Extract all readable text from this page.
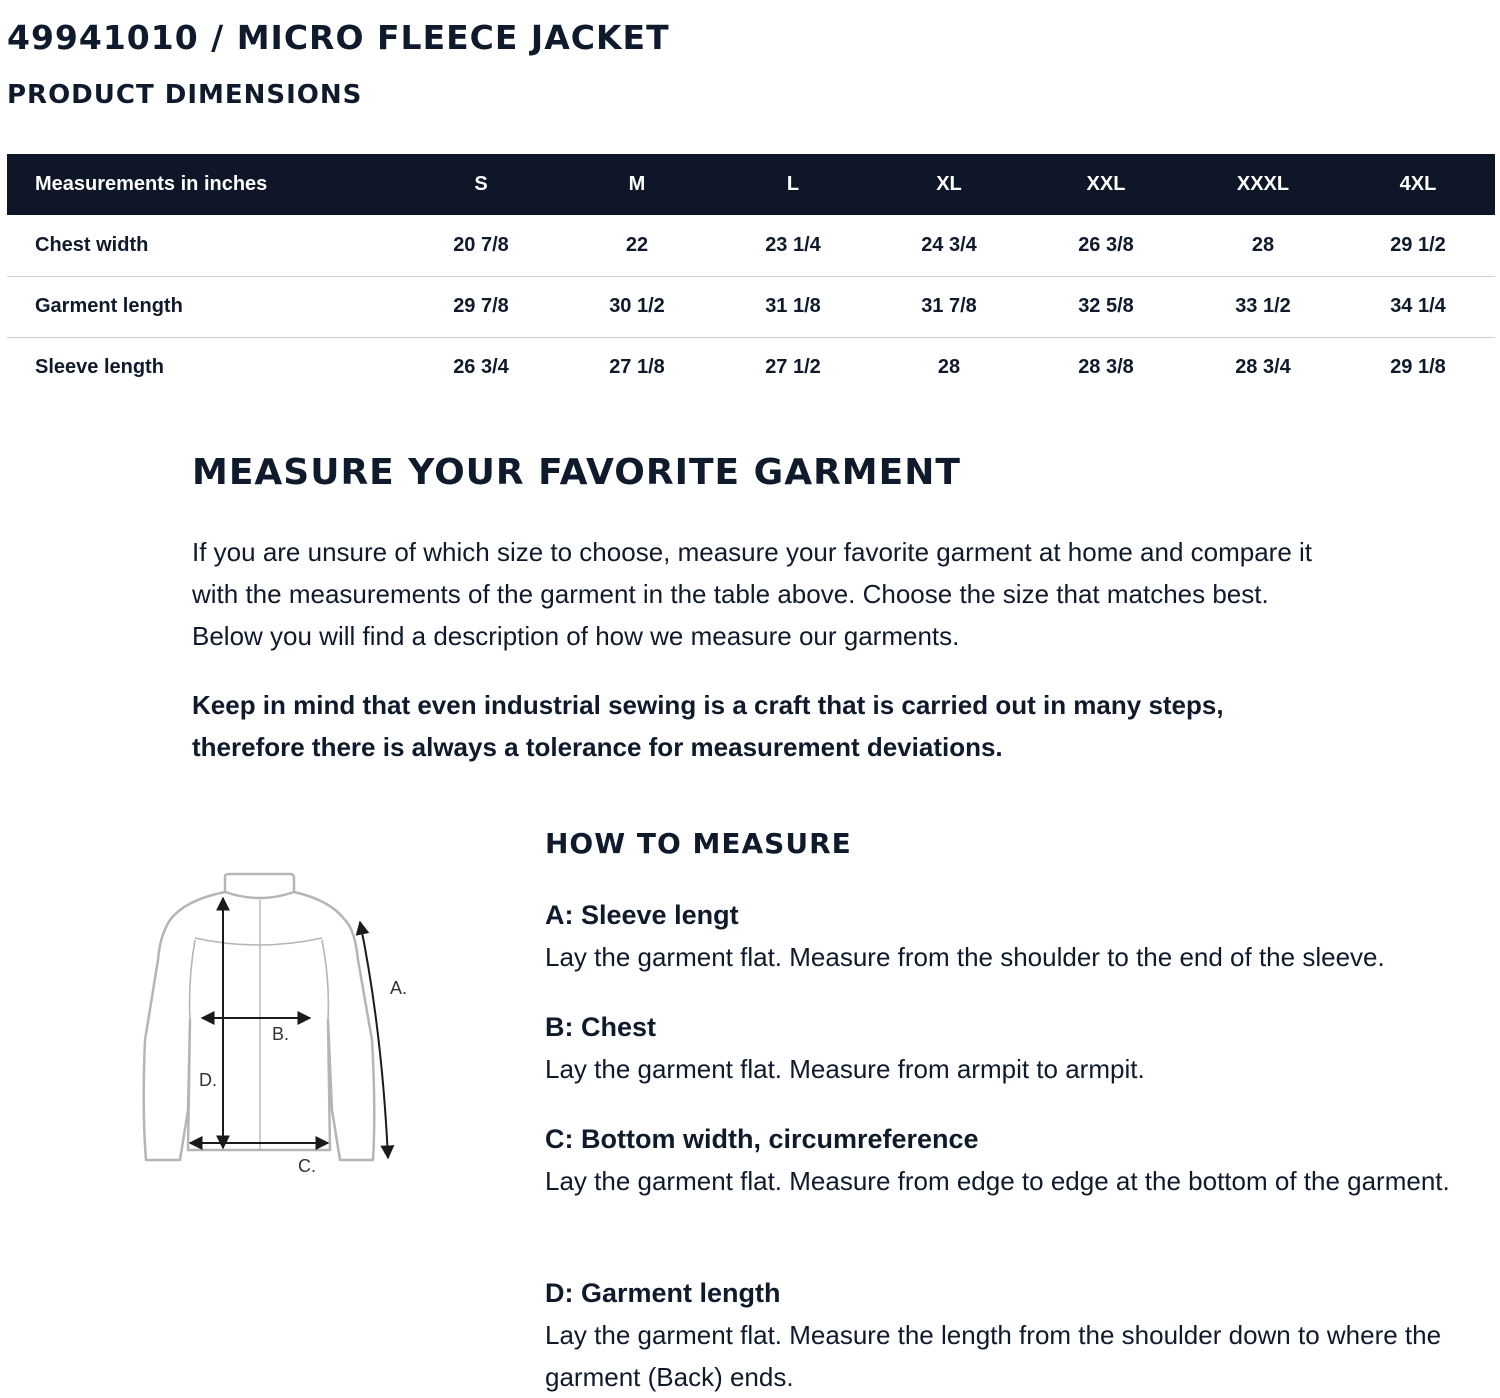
49941010 / MICRO FLEECE JACKET
PRODUCT DIMENSIONS
Measurements in inches	S	M	L	XL	XXL	XXXL	4XL
Chest width	20 7/8	22	23 1/4	24 3/4	26 3/8	28	29 1/2
Garment length	29 7/8	30 1/2	31 1/8	31 7/8	32 5/8	33 1/2	34 1/4
Sleeve length	26 3/4	27 1/8	27 1/2	28	28 3/8	28 3/4	29 1/8
MEASURE YOUR FAVORITE GARMENT

If you are unsure of which size to choose, measure your favorite garment at home and compare it with the measurements of the garment in the table above. Choose the size that matches best. Below you will find a description of how we measure our garments.

Keep in mind that even industrial sewing is a craft that is carried out in many steps, therefore there is always a tolerance for measurement deviations.

A.
B.
C.
D.
HOW TO MEASURE
A: Sleeve lengt
Lay the garment flat. Measure from the shoulder to the end of the sleeve.
B: Chest
Lay the garment flat. Measure from armpit to armpit.
C: Bottom width, circumreference
Lay the garment flat. Measure from edge to edge at the bottom of the garment.
D: Garment length
Lay the garment flat. Measure the length from the shoulder down to where the garment (Back) ends.
